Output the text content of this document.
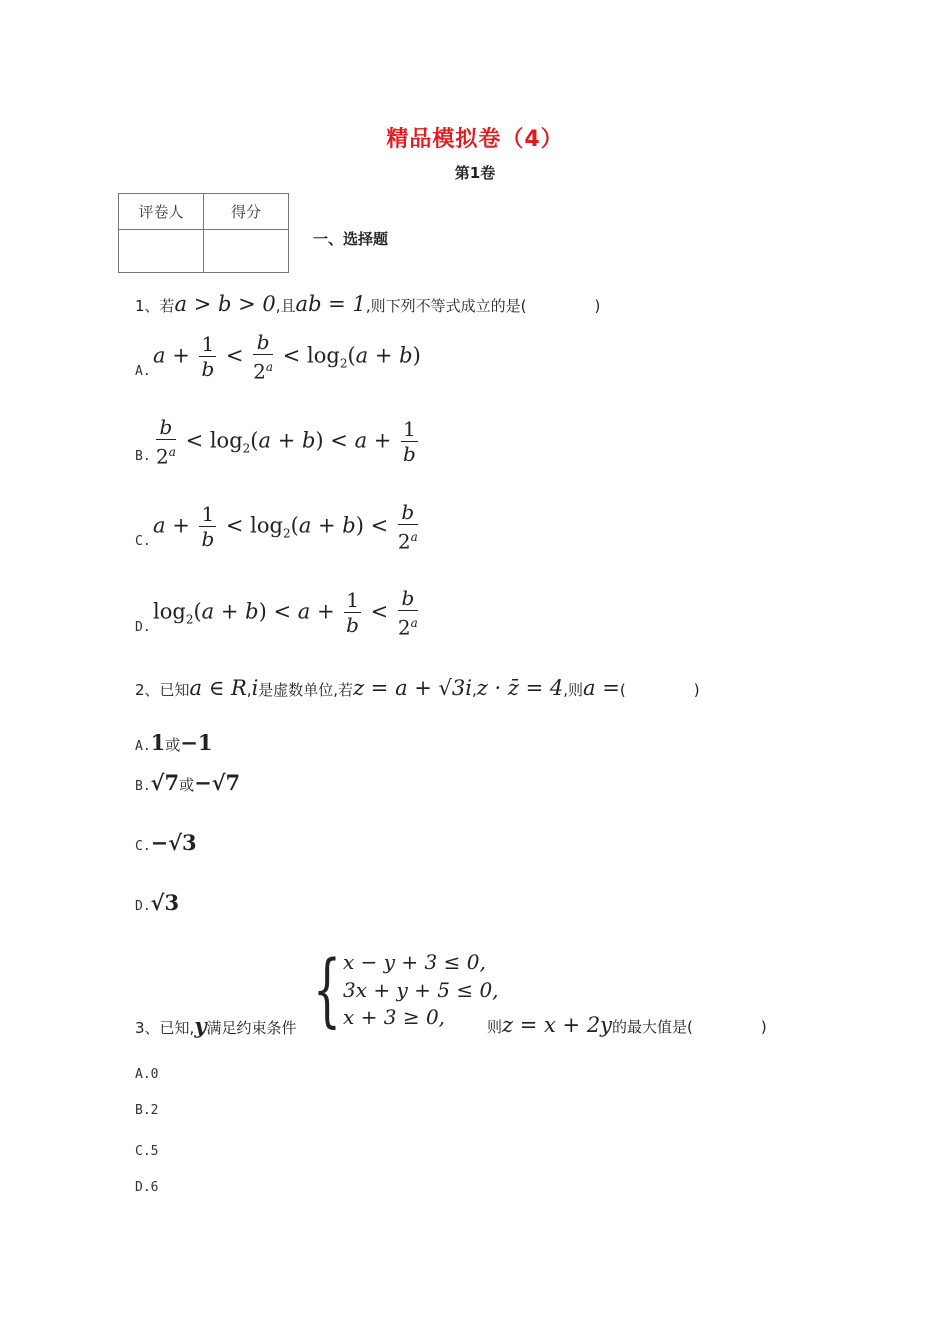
精品模拟卷（4）
第1卷
评卷人	得分

一、选择题
1、若a > b > 0,且ab = 1,则下列不等式成立的是(	)
A.
$a + \frac{1}{b} < \frac{b}{2^a} < \log_2(a + b)$
B. $\frac{b}{2^a} < \log_2(a + b) < a + \frac{1}{b}$
C.
$a + \frac{1}{b} < \log_2(a + b) < \frac{b}{2^a}$
D.
$\log_2(a + b) < a + \frac{1}{b} < \frac{b}{2^a}$
2、已知a ∈ R,i是虚数单位,若z = a + √3i,z · z̄ = 4,则a =(	)
A.1或−1
B.√7或−√7
C.−√3
D.√3
{ x − y + 3 ≤ 0,
3x + y + 5 ≤ 0,
x + 3 ≥ 0,
3、已知,y满足约束条件	则z = x + 2y的最大值是(	)
A.0
B.2
C.5
D.6
